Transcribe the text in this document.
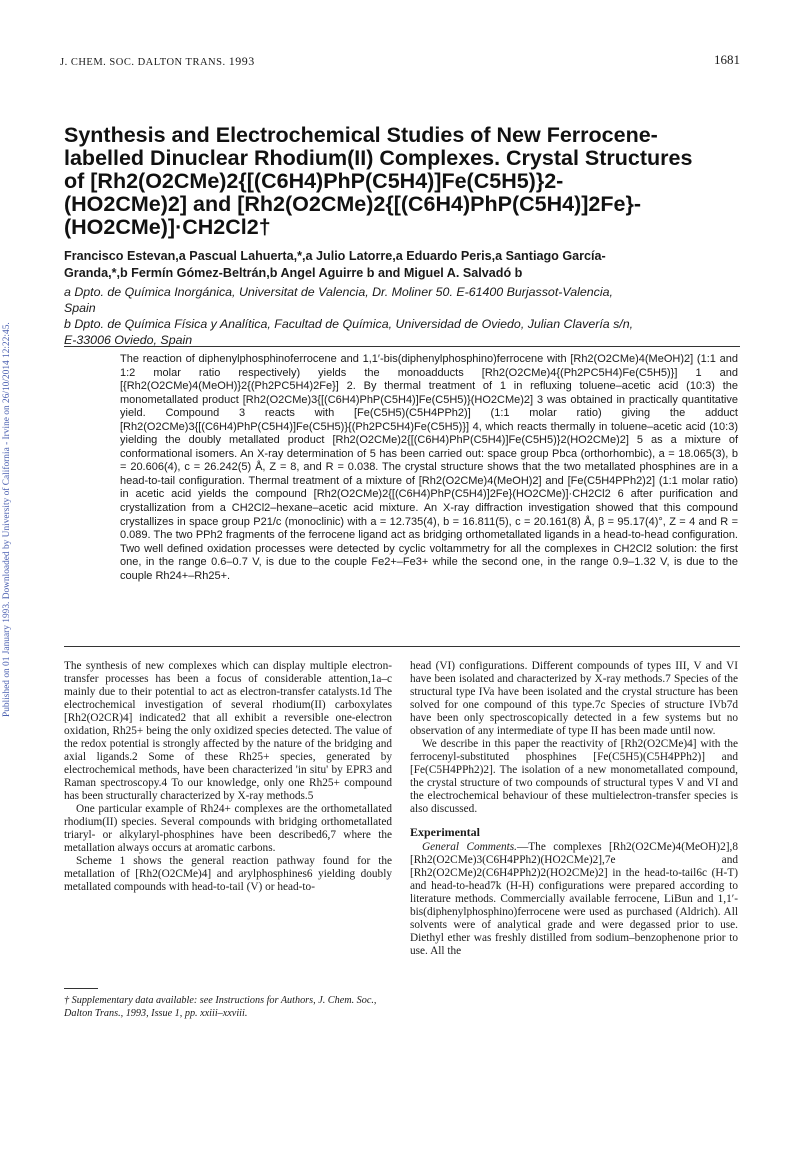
Published on 01 January 1993. Downloaded by University of California - Irvine on 26/10/2014 12:22:45.
J. CHEM. SOC. DALTON TRANS. 1993	1681
Synthesis and Electrochemical Studies of New Ferrocene-
labelled Dinuclear Rhodium(II) Complexes. Crystal Structures
of [Rh2(O2CMe)2{[(C6H4)PhP(C5H4)]Fe(C5H5)}2-
(HO2CMe)2] and [Rh2(O2CMe)2{[(C6H4)PhP(C5H4)]2Fe}-
(HO2CMe)]·CH2Cl2†
Francisco Estevan,a Pascual Lahuerta,*,a Julio Latorre,a Eduardo Peris,a Santiago García-
Granda,*,b Fermín Gómez-Beltrán,b Angel Aguirre b and Miguel A. Salvadó b
a Dpto. de Química Inorgánica, Universitat de Valencia, Dr. Moliner 50. E-61400 Burjassot-Valencia,
Spain
b Dpto. de Química Física y Analítica, Facultad de Química, Universidad de Oviedo, Julian Clavería s/n,
E-33006 Oviedo, Spain
The reaction of diphenylphosphinoferrocene and 1,1′-bis(diphenylphosphino)ferrocene with [Rh2(O2CMe)4(MeOH)2] (1:1 and 1:2 molar ratio respectively) yields the monoadducts [Rh2(O2CMe)4{(Ph2PC5H4)Fe(C5H5)}] 1 and [{Rh2(O2CMe)4(MeOH)}2{(Ph2PC5H4)2Fe}] 2. By thermal treatment of 1 in refluxing toluene–acetic acid (10:3) the monometallated product [Rh2(O2CMe)3{[(C6H4)PhP(C5H4)]Fe(C5H5)}(HO2CMe)2] 3 was obtained in practically quantitative yield. Compound 3 reacts with [Fe(C5H5)(C5H4PPh2)] (1:1 molar ratio) giving the adduct [Rh2(O2CMe)3{[(C6H4)PhP(C5H4)]Fe(C5H5)}{(Ph2PC5H4)Fe(C5H5)}] 4, which reacts thermally in toluene–acetic acid (10:3) yielding the doubly metallated product [Rh2(O2CMe)2{[(C6H4)PhP(C5H4)]Fe(C5H5)}2(HO2CMe)2] 5 as a mixture of conformational isomers. An X-ray determination of 5 has been carried out: space group Pbca (orthorhombic), a = 18.065(3), b = 20.606(4), c = 26.242(5) Å, Z = 8, and R = 0.038. The crystal structure shows that the two metallated phosphines are in a head-to-tail configuration. Thermal treatment of a mixture of [Rh2(O2CMe)4(MeOH)2] and [Fe(C5H4PPh2)2] (1:1 molar ratio) in acetic acid yields the compound [Rh2(O2CMe)2{[(C6H4)PhP(C5H4)]2Fe}(HO2CMe)]·CH2Cl2 6 after purification and crystallization from a CH2Cl2–hexane–acetic acid mixture. An X-ray diffraction investigation showed that this compound crystallizes in space group P21/c (monoclinic) with a = 12.735(4), b = 16.811(5), c = 20.161(8) Å, β = 95.17(4)°, Z = 4 and R = 0.089. The two PPh2 fragments of the ferrocene ligand act as bridging orthometallated ligands in a head-to-head configuration. Two well defined oxidation processes were detected by cyclic voltammetry for all the complexes in CH2Cl2 solution: the first one, in the range 0.6–0.7 V, is due to the couple Fe2+–Fe3+ while the second one, in the range 0.9–1.32 V, is due to the couple Rh24+–Rh25+.

The synthesis of new complexes which can display multiple electron-transfer processes has been a focus of considerable attention,1a–c mainly due to their potential to act as electron-transfer catalysts.1d The electrochemical investigation of several rhodium(II) carboxylates [Rh2(O2CR)4] indicated2 that all exhibit a reversible one-electron oxidation, Rh25+ being the only oxidized species detected. The value of the redox potential is strongly affected by the nature of the bridging and axial ligands.2 Some of these Rh25+ species, generated by electrochemical methods, have been characterized 'in situ' by EPR3 and Raman spectroscopy.4 To our knowledge, only one Rh25+ compound has been structurally characterized by X-ray methods.5

One particular example of Rh24+ complexes are the orthometallated rhodium(II) species. Several compounds with bridging orthometallated triaryl- or alkylaryl-phosphines have been described6,7 where the metallation always occurs at aromatic carbons.

Scheme 1 shows the general reaction pathway found for the metallation of [Rh2(O2CMe)4] and arylphosphines6 yielding doubly metallated compounds with head-to-tail (V) or head-to-

† Supplementary data available: see Instructions for Authors, J. Chem. Soc., Dalton Trans., 1993, Issue 1, pp. xxiii–xxviii.

head (VI) configurations. Different compounds of types III, V and VI have been isolated and characterized by X-ray methods.7 Species of the structural type IVa have been isolated and the crystal structure has been solved for one compound of this type.7c Species of structure IVb7d have been only spectroscopically detected in a few systems but no observation of any intermediate of type II has been made until now.

We describe in this paper the reactivity of [Rh2(O2CMe)4] with the ferrocenyl-substituted phosphines [Fe(C5H5)(C5H4PPh2)] and [Fe(C5H4PPh2)2]. The isolation of a new monometallated compound, the crystal structure of two compounds of structural types V and VI and the electrochemical behaviour of these multielectron-transfer species is also discussed.

Experimental

General Comments.—The complexes [Rh2(O2CMe)4(MeOH)2],8 [Rh2(O2CMe)3(C6H4PPh2)(HO2CMe)2],7e and [Rh2(O2CMe)2(C6H4PPh2)2(HO2CMe)2] in the head-to-tail6c (H-T) and head-to-head7k (H-H) configurations were prepared according to literature methods. Commercially available ferrocene, LiBun and 1,1′-bis(diphenylphosphino)ferrocene were used as purchased (Aldrich). All solvents were of analytical grade and were degassed prior to use. Diethyl ether was freshly distilled from sodium–benzophenone prior to use. All the
